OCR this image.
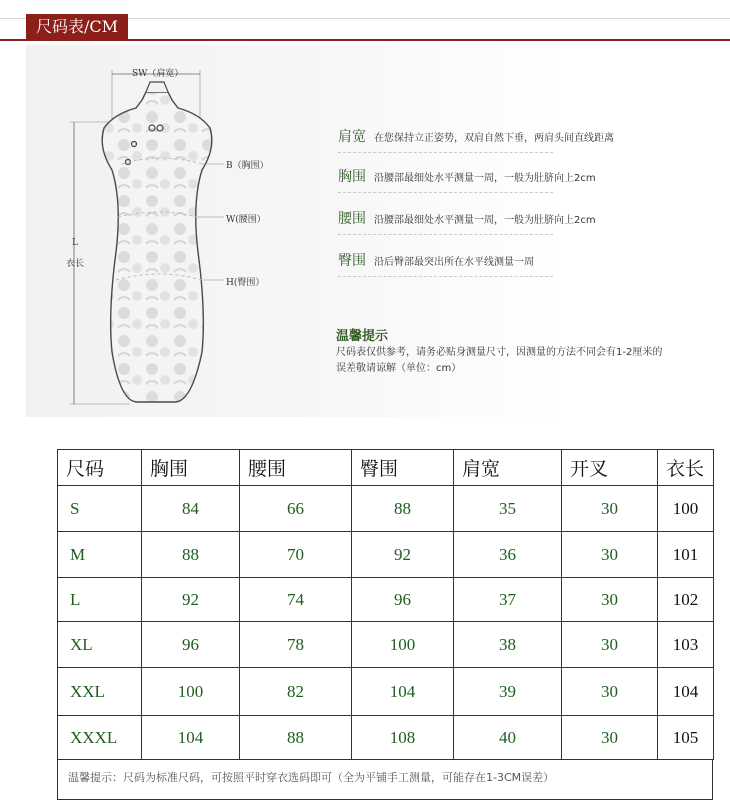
尺码表/CM
SW（肩宽）
B（胸围）
W(腰围）
H(臀围）
L
衣长
肩宽 在您保持立正姿势，双肩自然下垂，两肩头间直线距离
胸围 沿腰部最细处水平测量一周，一般为肚脐向上2cm
腰围 沿腰部最细处水平测量一周，一般为肚脐向上2cm
臀围 沿后臀部最突出所在水平线测量一周
温馨提示
尺码表仅供参考，请务必贴身测量尺寸，因测量的方法不同会有1-2厘米的误差敬请谅解（单位：cm）
尺码	胸围	腰围	臀围	肩宽	开叉	衣长
S	84	66	88	35	30	100
M	88	70	92	36	30	101
L	92	74	96	37	30	102
XL	96	78	100	38	30	103
XXL	100	82	104	39	30	104
XXXL	104	88	108	40	30	105
温馨提示：尺码为标准尺码，可按照平时穿衣选码即可（全为平铺手工测量，可能存在1-3CM误差）
